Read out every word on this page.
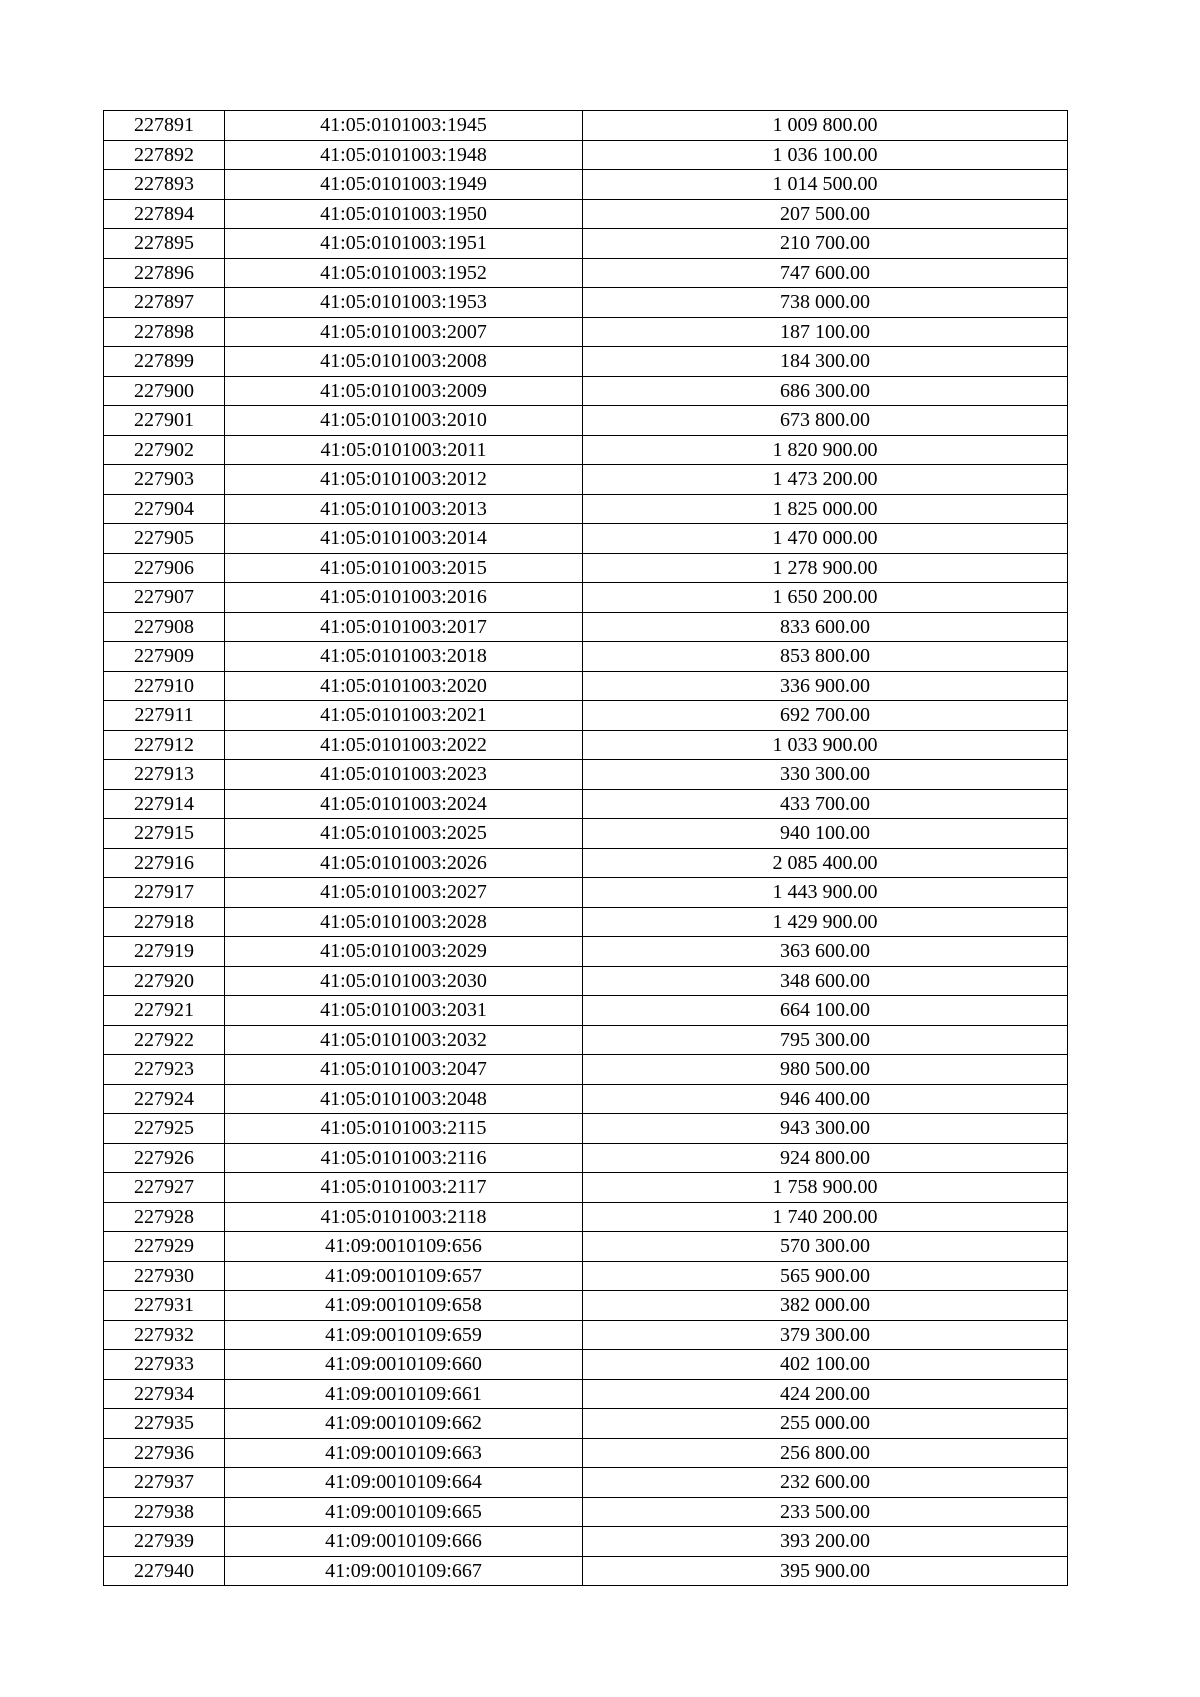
227891	41:05:0101003:1945	1 009 800.00
227892	41:05:0101003:1948	1 036 100.00
227893	41:05:0101003:1949	1 014 500.00
227894	41:05:0101003:1950	207 500.00
227895	41:05:0101003:1951	210 700.00
227896	41:05:0101003:1952	747 600.00
227897	41:05:0101003:1953	738 000.00
227898	41:05:0101003:2007	187 100.00
227899	41:05:0101003:2008	184 300.00
227900	41:05:0101003:2009	686 300.00
227901	41:05:0101003:2010	673 800.00
227902	41:05:0101003:2011	1 820 900.00
227903	41:05:0101003:2012	1 473 200.00
227904	41:05:0101003:2013	1 825 000.00
227905	41:05:0101003:2014	1 470 000.00
227906	41:05:0101003:2015	1 278 900.00
227907	41:05:0101003:2016	1 650 200.00
227908	41:05:0101003:2017	833 600.00
227909	41:05:0101003:2018	853 800.00
227910	41:05:0101003:2020	336 900.00
227911	41:05:0101003:2021	692 700.00
227912	41:05:0101003:2022	1 033 900.00
227913	41:05:0101003:2023	330 300.00
227914	41:05:0101003:2024	433 700.00
227915	41:05:0101003:2025	940 100.00
227916	41:05:0101003:2026	2 085 400.00
227917	41:05:0101003:2027	1 443 900.00
227918	41:05:0101003:2028	1 429 900.00
227919	41:05:0101003:2029	363 600.00
227920	41:05:0101003:2030	348 600.00
227921	41:05:0101003:2031	664 100.00
227922	41:05:0101003:2032	795 300.00
227923	41:05:0101003:2047	980 500.00
227924	41:05:0101003:2048	946 400.00
227925	41:05:0101003:2115	943 300.00
227926	41:05:0101003:2116	924 800.00
227927	41:05:0101003:2117	1 758 900.00
227928	41:05:0101003:2118	1 740 200.00
227929	41:09:0010109:656	570 300.00
227930	41:09:0010109:657	565 900.00
227931	41:09:0010109:658	382 000.00
227932	41:09:0010109:659	379 300.00
227933	41:09:0010109:660	402 100.00
227934	41:09:0010109:661	424 200.00
227935	41:09:0010109:662	255 000.00
227936	41:09:0010109:663	256 800.00
227937	41:09:0010109:664	232 600.00
227938	41:09:0010109:665	233 500.00
227939	41:09:0010109:666	393 200.00
227940	41:09:0010109:667	395 900.00
